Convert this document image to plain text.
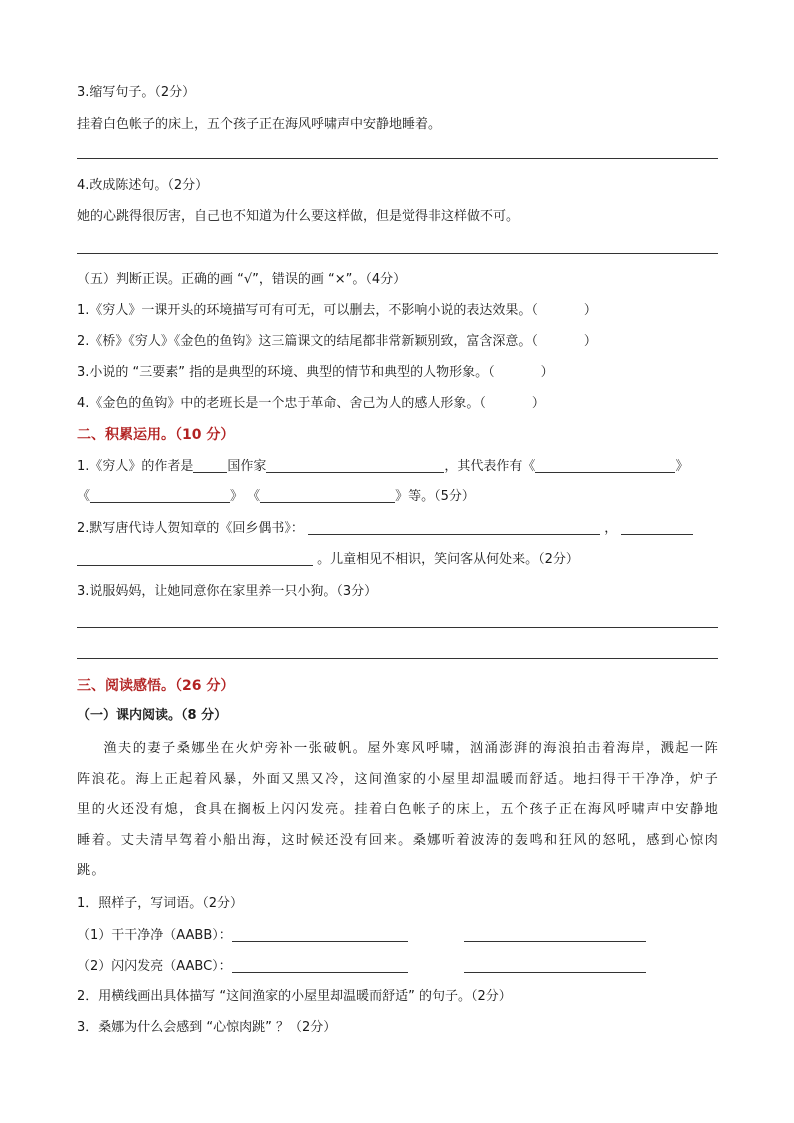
3.缩写句子。（2分）
挂着白色帐子的床上，五个孩子正在海风呼啸声中安静地睡着。
4.改成陈述句。（2分）
她的心跳得很厉害，自己也不知道为什么要这样做，但是觉得非这样做不可。
（五）判断正误。正确的画 “√”，错误的画 “×”。（4分）
1.《穷人》一课开头的环境描写可有可无，可以删去，不影响小说的表达效果。（	）
2.《桥》《穷人》《金色的鱼钩》这三篇课文的结尾都非常新颖别致，富含深意。（	）
3.小说的 “三要素” 指的是典型的环境、典型的情节和典型的人物形象。（	）
4.《金色的鱼钩》中的老班长是一个忠于革命、舍己为人的感人形象。（	）
二、积累运用。（10 分）
1.《穷人》的作者是	国作家	，其代表作有《	》
《	》 《	》等。（5分）
2.默写唐代诗人贺知章的《回乡偶书》：	，
。儿童相见不相识，笑问客从何处来。（2分）
3.说服妈妈，让她同意你在家里养一只小狗。（3分）
三、阅读感悟。（26 分）
（一）课内阅读。（8 分）
渔夫的妻子桑娜坐在火炉旁补一张破帆。屋外寒风呼啸，汹涌澎湃的海浪拍击着海岸，溅起一阵阵浪花。海上正起着风暴，外面又黑又冷，这间渔家的小屋里却温暖而舒适。地扫得干干净净，炉子里的火还没有熄，食具在搁板上闪闪发亮。挂着白色帐子的床上，五个孩子正在海风呼啸声中安静地睡着。丈夫清早驾着小船出海，这时候还没有回来。桑娜听着波涛的轰鸣和狂风的怒吼，感到心惊肉跳。
1．照样子，写词语。（2分）
（1）干干净净（AABB）：
（2）闪闪发亮（AABC）：
2．用横线画出具体描写 “这间渔家的小屋里却温暖而舒适” 的句子。（2分）
3．桑娜为什么会感到 “心惊肉跳” ？（2分）
